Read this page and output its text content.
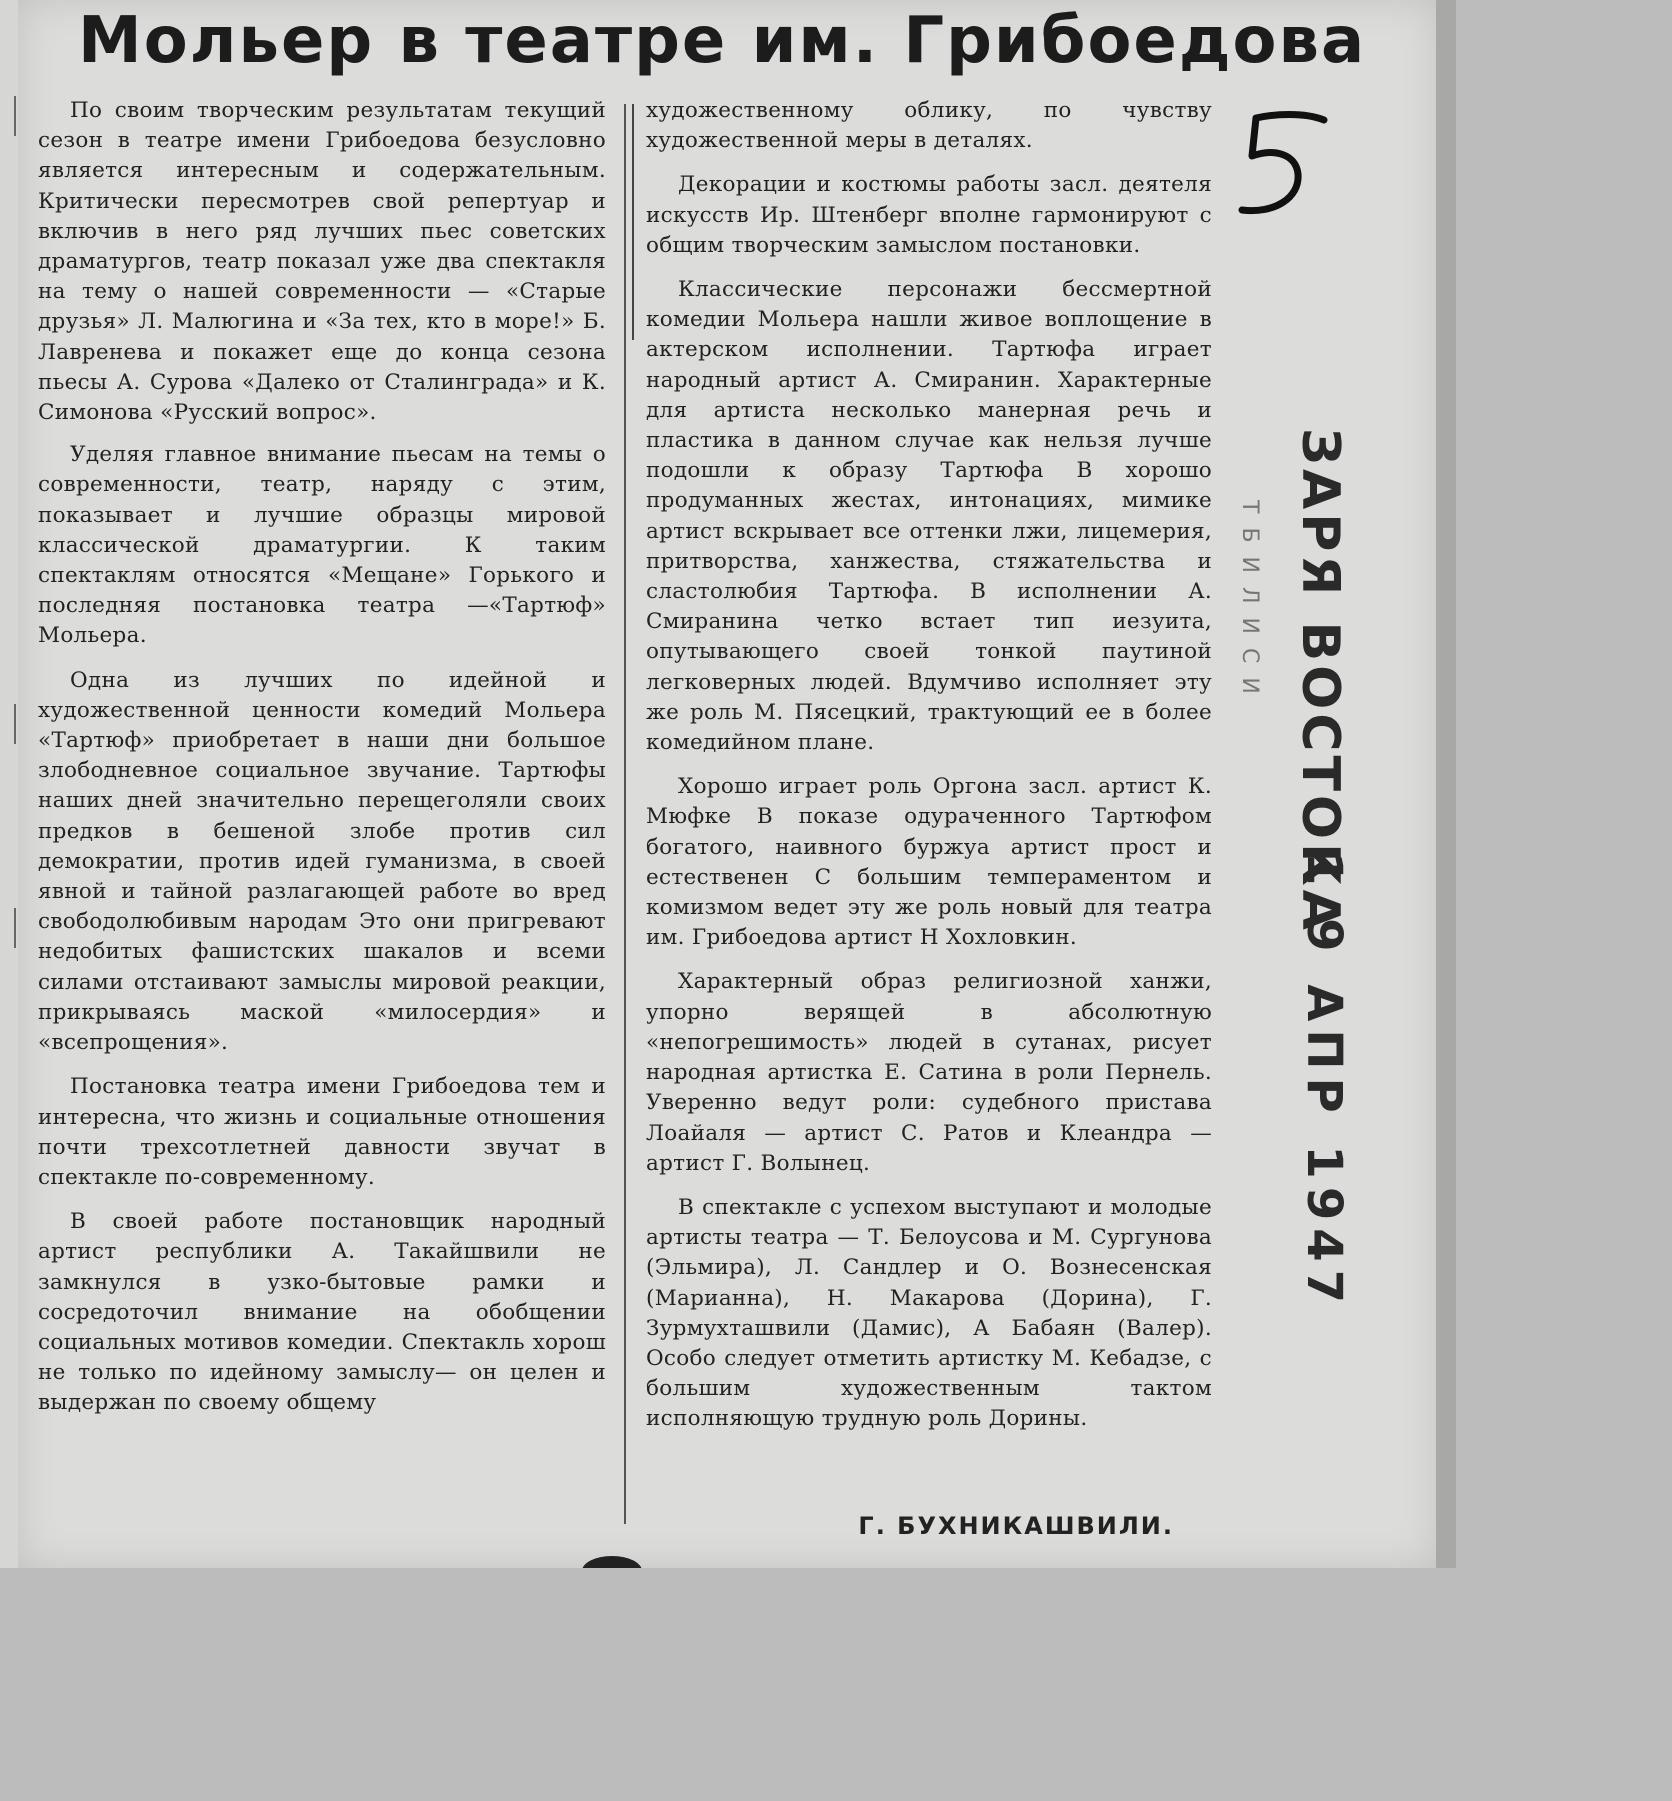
Мольер в театре им. Грибоедова

По своим творческим результатам текущий сезон в театре имени Грибоедова безусловно является интересным и содержательным. Критически пересмотрев свой репертуар и включив в него ряд лучших пьес советских драматургов, театр показал уже два спектакля на тему о нашей современности — «Старые друзья» Л. Малюгина и «За тех, кто в море!» Б. Лавренева и покажет еще до конца сезона пьесы А. Сурова «Далеко от Сталинграда» и К. Симонова «Русский вопрос».

Уделяя главное внимание пьесам на темы о современности, театр, наряду с этим, показывает и лучшие образцы мировой классической драматургии. К таким спектаклям относятся «Мещане» Горького и последняя постановка театра —«Тартюф» Мольера.

Одна из лучших по идейной и художественной ценности комедий Мольера «Тартюф» приобретает в наши дни большое злободневное социальное звучание. Тартюфы наших дней значительно перещеголяли своих предков в бешеной злобе против сил демократии, против идей гуманизма, в своей явной и тайной разлагающей работе во вред свободолюбивым народам Это они пригревают недобитых фашистских шакалов и всеми силами отстаивают замыслы мировой реакции, прикрываясь маской «милосердия» и «всепрощения».

Постановка театра имени Грибоедова тем и интересна, что жизнь и социальные отношения почти трехсотлетней давности звучат в спектакле по-современному.

В своей работе постановщик народный артист республики А. Такайшвили не замкнулся в узко-бытовые рамки и сосредоточил внимание на обобщении социальных мотивов комедии. Спектакль хорош не только по идейному замыслу— он целен и выдержан по своему общему

художественному облику, по чувству художественной меры в деталях.

Декорации и костюмы работы засл. деятеля искусств Ир. Штенберг вполне гармонируют с общим творческим замыслом постановки.

Классические персонажи бессмертной комедии Мольера нашли живое воплощение в актерском исполнении. Тартюфа играет народный артист А. Смиранин. Характерные для артиста несколько манерная речь и пластика в данном случае как нельзя лучше подошли к образу Тартюфа В хорошо продуманных жестах, интонациях, мимике артист вскрывает все оттенки лжи, лицемерия, притворства, ханжества, стяжательства и сластолюбия Тартюфа. В исполнении А. Смиранина четко встает тип иезуита, опутывающего своей тонкой паутиной легковерных людей. Вдумчиво исполняет эту же роль М. Пясецкий, трактующий ее в более комедийном плане.

Хорошо играет роль Оргона засл. артист К. Мюфке В показе одураченного Тартюфом богатого, наивного буржуа артист прост и естественен С большим темпераментом и комизмом ведет эту же роль новый для театра им. Грибоедова артист Н Хохловкин.

Характерный образ религиозной ханжи, упорно верящей в абсолютную «непогрешимость» людей в сутанах, рисует народная артистка Е. Сатина в роли Пернель. Уверенно ведут роли: судебного пристава Лоайаля — артист С. Ратов и Клеандра — артист Г. Волынец.

В спектакле с успехом выступают и молодые артисты театра — Т. Белоусова и М. Сургунова (Эльмира), Л. Сандлер и О. Вознесенская (Марианна), Н. Макарова (Дорина), Г. Зурмухташвили (Дамис), А Бабаян (Валер). Особо следует отметить артистку М. Кебадзе, с большим художественным тактом исполняющую трудную роль Дорины.

Г. БУХНИКАШВИЛИ.
ТБИЛИСИ ЗАРЯ ВОСТОКА
1 9 АПР 1947
